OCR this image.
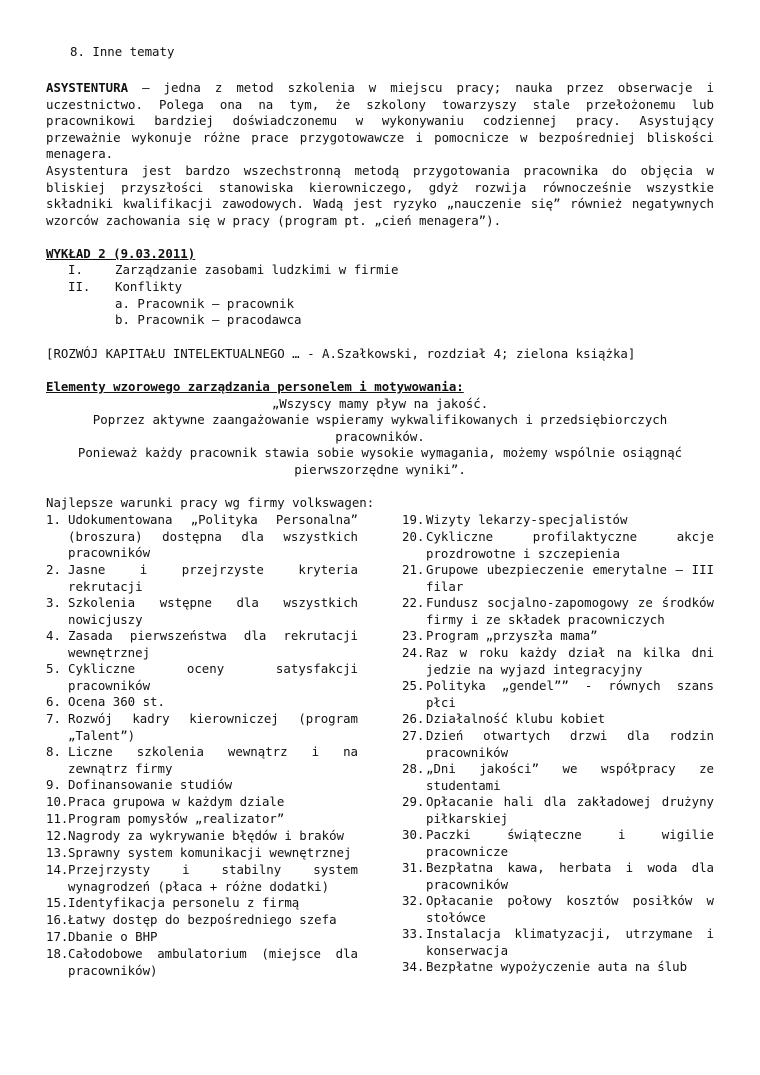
8. Inne tematy
ASYSTENTURA – jedna z metod szkolenia w miejscu pracy; nauka przez obserwacje i uczestnictwo. Polega ona na tym, że szkolony towarzyszy stale przełożonemu lub pracownikowi bardziej doświadczonemu w wykonywaniu codziennej pracy. Asystujący przeważnie wykonuje różne prace przygotowawcze i pomocnicze w bezpośredniej bliskości menagera.
Asystentura jest bardzo wszechstronną metodą przygotowania pracownika do objęcia w bliskiej przyszłości stanowiska kierowniczego, gdyż rozwija równocześnie wszystkie składniki kwalifikacji zawodowych. Wadą jest ryzyko „nauczenie się” również negatywnych wzorców zachowania się w pracy (program pt. „cień menagera”).
WYKŁAD 2 (9.03.2011)
I.	Zarządzanie zasobami ludzkimi w firmie
II. Konflikty
a. Pracownik – pracownik
b. Pracownik – pracodawca
[ROZWÓJ KAPITAŁU INTELEKTUALNEGO … - A.Szałkowski, rozdział 4; zielona książka]
Elementy wzorowego zarządzania personelem i motywowania:
„Wszyscy mamy pływ na jakość.
Poprzez aktywne zaangażowanie wspieramy wykwalifikowanych i przedsiębiorczych pracowników.
Ponieważ każdy pracownik stawia sobie wysokie wymagania, możemy wspólnie osiągnąć pierwszorzędne wyniki”.
Najlepsze warunki pracy wg firmy volkswagen:
1. Udokumentowana „Polityka Personalna” (broszura) dostępna dla wszystkich pracowników
2. Jasne i przejrzyste kryteria rekrutacji
3. Szkolenia wstępne dla wszystkich nowicjuszy
4. Zasada pierwszeństwa dla rekrutacji wewnętrznej
5. Cykliczne oceny satysfakcji pracowników
6. Ocena 360 st.
7. Rozwój kadry kierowniczej (program „Talent”)
8. Liczne szkolenia wewnątrz i na zewnątrz firmy
9. Dofinansowanie studiów
10. Praca grupowa w każdym dziale
11. Program pomysłów „realizator”
12. Nagrody za wykrywanie błędów i braków
13. Sprawny system komunikacji wewnętrznej
14. Przejrzysty i stabilny system wynagrodzeń (płaca + różne dodatki)
15. Identyfikacja personelu z firmą
16. Łatwy dostęp do bezpośredniego szefa
17. Dbanie o BHP
18. Całodobowe ambulatorium (miejsce dla pracowników)
19. Wizyty lekarzy-specjalistów
20. Cykliczne profilaktyczne akcje prozdrowotne i szczepienia
21. Grupowe ubezpieczenie emerytalne – III filar
22. Fundusz socjalno-zapomogowy ze środków firmy i ze składek pracowniczych
23. Program „przyszła mama”
24. Raz w roku każdy dział na kilka dni jedzie na wyjazd integracyjny
25. Polityka „gendel”” - równych szans płci
26. Działalność klubu kobiet
27. Dzień otwartych drzwi dla rodzin pracowników
28. „Dni jakości” we współpracy ze studentami
29. Opłacanie hali dla zakładowej drużyny piłkarskiej
30. Paczki świąteczne i wigilie pracownicze
31. Bezpłatna kawa, herbata i woda dla pracowników
32. Opłacanie połowy kosztów posiłków w stołówce
33. Instalacja klimatyzacji, utrzymane i konserwacja
34. Bezpłatne wypożyczenie auta na ślub
